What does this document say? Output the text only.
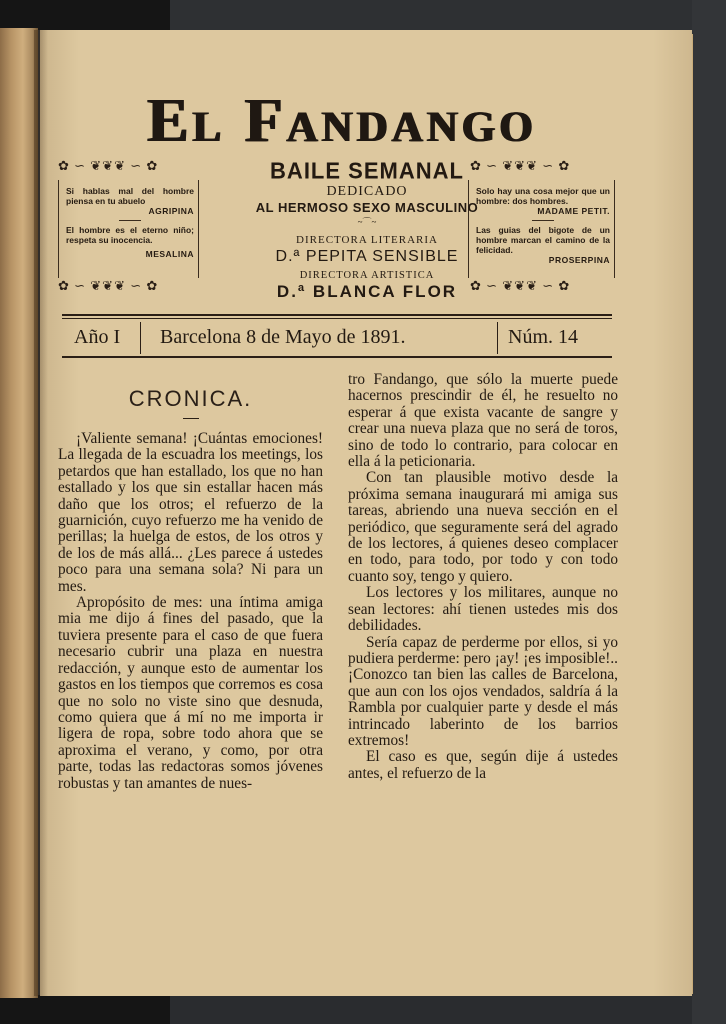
El Fandango
✿ ∽ ❦❦❦ ∽ ✿
✿ ∽ ❦❦❦ ∽ ✿
✿ ∽ ❦❦❦ ∽ ✿
✿ ∽ ❦❦❦ ∽ ✿
Si hablas mal del hombre piensa en tu abuelo
AGRIPINA
El hombre es el eterno niño; respeta su inocencia.
MESALINA
Solo hay una cosa mejor que un hombre: dos hombres.
MADAME PETIT.
Las guias del bigote de un hombre marcan el camino de la felicidad.
PROSERPINA
BAILE SEMANAL
DEDICADO
AL HERMOSO SEXO MASCULINO
~⌒~
DIRECTORA LITERARIA
D.ª PEPITA SENSIBLE
DIRECTORA ARTISTICA
D.ª BLANCA FLOR
Año I Barcelona 8 de Mayo de 1891.	Núm. 14
CRONICA.

¡Valiente semana! ¡Cuántas emociones! La llegada de la escuadra los meetings, los petardos que han estallado, los que no han estallado y los que sin estallar hacen más daño que los otros; el refuerzo de la guarnición, cuyo refuerzo me ha venido de perillas; la huelga de estos, de los otros y de los de más allá... ¿Les parece á ustedes poco para una semana sola? Ni para un mes.

Apropósito de mes: una íntima amiga mia me dijo á fines del pasado, que la tuviera presente para el caso de que fuera necesario cubrir una plaza en nuestra redacción, y aunque esto de aumentar los gastos en los tiempos que corremos es cosa que no solo no viste sino que desnuda, como quiera que á mí no me importa ir ligera de ropa, sobre todo ahora que se aproxima el verano, y como, por otra parte, todas las redactoras somos jóvenes robustas y tan amantes de nues-

tro Fandango, que sólo la muerte puede hacernos prescindir de él, he resuelto no esperar á que exista vacante de sangre y crear una nueva plaza que no será de toros, sino de todo lo contrario, para colocar en ella á la peticionaria.

Con tan plausible motivo desde la próxima semana inaugurará mi amiga sus tareas, abriendo una nueva sección en el periódico, que seguramente será del agrado de los lectores, á quienes deseo complacer en todo, para todo, por todo y con todo cuanto soy, tengo y quiero.

Los lectores y los militares, aunque no sean lectores: ahí tienen ustedes mis dos debilidades.

Sería capaz de perderme por ellos, si yo pudiera perderme: pero ¡ay! ¡es imposible!.. ¡Conozco tan bien las calles de Barcelona, que aun con los ojos vendados, saldría á la Rambla por cualquier parte y desde el más intrincado laberinto de los barrios extremos!

El caso es que, según dije á ustedes antes, el refuerzo de la
